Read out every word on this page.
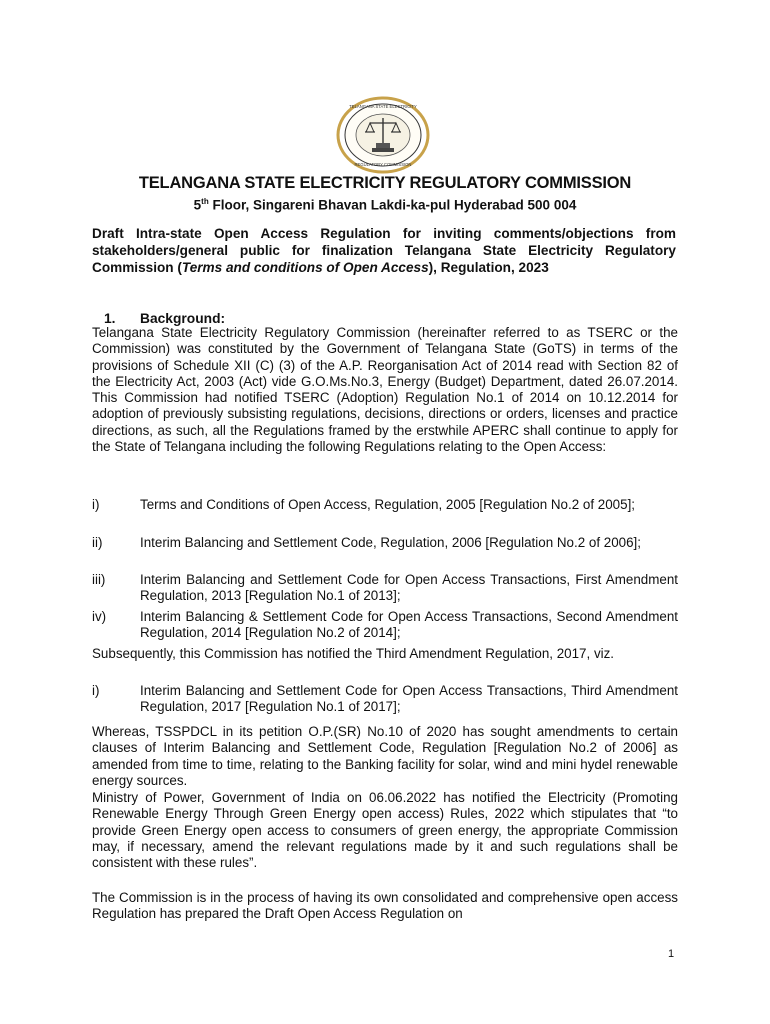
TELANGANA STATE ELECTRICITY
REGULATORY COMMISSION
TELANGANA STATE ELECTRICITY REGULATORY COMMISSION
5th Floor, Singareni Bhavan Lakdi-ka-pul Hyderabad 500 004
Draft Intra-state Open Access Regulation for inviting comments/objections from stakeholders/general public for finalization Telangana State Electricity Regulatory Commission (Terms and conditions of Open Access), Regulation, 2023
1. Background:
Telangana State Electricity Regulatory Commission (hereinafter referred to as TSERC or the Commission) was constituted by the Government of Telangana State (GoTS) in terms of the provisions of Schedule XII (C) (3) of the A.P. Reorganisation Act of 2014 read with Section 82 of the Electricity Act, 2003 (Act) vide G.O.Ms.No.3, Energy (Budget) Department, dated 26.07.2014. This Commission had notified TSERC (Adoption) Regulation No.1 of 2014 on 10.12.2014 for adoption of previously subsisting regulations, decisions, directions or orders, licenses and practice directions, as such, all the Regulations framed by the erstwhile APERC shall continue to apply for the State of Telangana including the following Regulations relating to the Open Access:
i)	Terms and Conditions of Open Access, Regulation, 2005 [Regulation No.2 of 2005];
ii)	Interim Balancing and Settlement Code, Regulation, 2006 [Regulation No.2 of 2006];
iii)	Interim Balancing and Settlement Code for Open Access Transactions, First Amendment Regulation, 2013 [Regulation No.1 of 2013];
iv)	Interim Balancing & Settlement Code for Open Access Transactions, Second Amendment Regulation, 2014 [Regulation No.2 of 2014];
Subsequently, this Commission has notified the Third Amendment Regulation, 2017, viz.
i)	Interim Balancing and Settlement Code for Open Access Transactions, Third Amendment Regulation, 2017 [Regulation No.1 of 2017];
Whereas, TSSPDCL in its petition O.P.(SR) No.10 of 2020 has sought amendments to certain clauses of Interim Balancing and Settlement Code, Regulation [Regulation No.2 of 2006] as amended from time to time, relating to the Banking facility for solar, wind and mini hydel renewable energy sources.
Ministry of Power, Government of India on 06.06.2022 has notified the Electricity (Promoting Renewable Energy Through Green Energy open access) Rules, 2022 which stipulates that “to provide Green Energy open access to consumers of green energy, the appropriate Commission may, if necessary, amend the relevant regulations made by it and such regulations shall be consistent with these rules”.
The Commission is in the process of having its own consolidated and comprehensive open access Regulation has prepared the Draft Open Access Regulation on
1
